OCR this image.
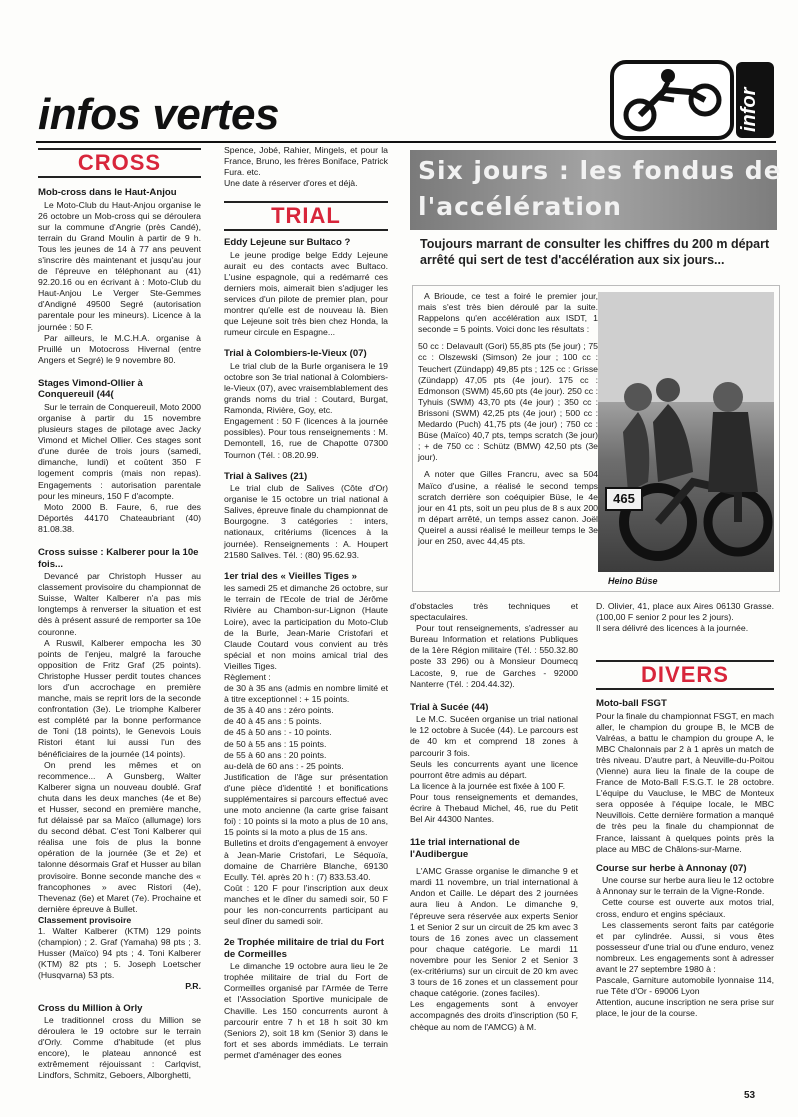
infos vertes	infor
CROSS
Mob-cross dans le Haut-Anjou

Le Moto-Club du Haut-Anjou organise le 26 octobre un Mob-cross qui se déroulera sur la commune d'Angrie (près Candé), terrain du Grand Moulin à partir de 9 h. Tous les jeunes de 14 à 77 ans peuvent s'inscrire dès maintenant et jusqu'au jour de l'épreuve en téléphonant au (41) 92.20.16 ou en écrivant à : Moto-Club du Haut-Anjou Le Verger Ste-Gemmes d'Andigné 49500 Segré (autorisation parentale pour les mineurs). Licence à la journée : 50 F.

Par ailleurs, le M.C.H.A. organise à Pruillé un Motocross Hivernal (entre Angers et Segré) le 9 novembre 80.

Stages Vimond-Ollier à Conquereuil (44(

Sur le terrain de Conquereuil, Moto 2000 organise à partir du 15 novembre plusieurs stages de pilotage avec Jacky Vimond et Michel Ollier. Ces stages sont d'une durée de trois jours (samedi, dimanche, lundi) et coûtent 350 F logement compris (mais non repas). Engagements : autorisation parentale pour les mineurs, 150 F d'acompte.

Moto 2000 B. Faure, 6, rue des Déportés 44170 Chateaubriant (40) 81.08.38.

Cross suisse : Kalberer pour la 10e fois...

Devancé par Christoph Husser au classement provisoire du championnat de Suisse, Walter Kalberer n'a pas mis longtemps à renverser la situation et est dès à présent assuré de remporter sa 10e couronne.

A Ruswil, Kalberer empocha les 30 points de l'enjeu, malgré la farouche opposition de Fritz Graf (25 points). Christophe Husser perdit toutes chances lors d'un accrochage en première manche, mais se reprit lors de la seconde confrontation (3e). Le triomphe Kalberer est complété par la bonne performance de Toni (18 points), le Genevois Louis Ristori étant lui aussi l'un des bénéficiaires de la journée (14 points).

On prend les mêmes et on recommence... A Gunsberg, Walter Kalberer signa un nouveau doublé. Graf chuta dans les deux manches (4e et 8e) et Husser, second en première manche, fut délaissé par sa Maïco (allumage) lors du second débat. C'est Toni Kalberer qui réalisa une fois de plus la bonne opération de la journée (3e et 2e) et talonne désormais Graf et Husser au bilan provisoire. Bonne seconde manche des « francophones » avec Ristori (4e), Thevenaz (6e) et Maret (7e). Prochaine et dernière épreuve à Bullet.

Classement provisoire

1. Walter Kalberer (KTM) 129 points (champion) ; 2. Graf (Yamaha) 98 pts ; 3. Husser (Maïco) 94 pts ; 4. Toni Kalberer (KTM) 82 pts ; 5. Joseph Loetscher (Husqvarna) 53 pts.

P.R.

Cross du Million à Orly

Le traditionnel cross du Million se déroulera le 19 octobre sur le terrain d'Orly. Comme d'habitude (et plus encore), le plateau annoncé est extrêmement réjouissant : Carlqvist, Lindfors, Schmitz, Geboers, Alborghetti,

Spence, Jobé, Rahier, Mingels, et pour la France, Bruno, les frères Boniface, Patrick Fura. etc.

Une date à réserver d'ores et déjà.

TRIAL
Eddy Lejeune sur Bultaco ?

Le jeune prodige belge Eddy Lejeune aurait eu des contacts avec Bultaco. L'usine espagnole, qui a redémarré ces derniers mois, aimerait bien s'adjuger les services d'un pilote de premier plan, pour montrer qu'elle est de nouveau là. Bien que Lejeune soit très bien chez Honda, la rumeur circule en Espagne...

Trial à Colombiers-le-Vieux (07)

Le trial club de la Burle organisera le 19 octobre son 3e trial national à Colombiers-le-Vieux (07), avec vraisemblablement des grands noms du trial : Coutard, Burgat, Ramonda, Rivière, Goy, etc.

Engagement : 50 F (licences à la journée possibles). Pour tous renseignements : M. Demontell, 16, rue de Chapotte 07300 Tournon (Tél. : 08.20.99.

Trial à Salives (21)

Le trial club de Salives (Côte d'Or) organise le 15 octobre un trial national à Salives, épreuve finale du championnat de Bourgogne. 3 catégories : inters, nationaux, critériums (licences à la journée). Renseignements : A. Houpert 21580 Salives. Tél. : (80) 95.62.93.

1er trial des « Vieilles Tiges »

les samedi 25 et dimanche 26 octobre, sur le terrain de l'Ecole de trial de Jérôme Rivière au Chambon-sur-Lignon (Haute Loire), avec la participation du Moto-Club de la Burle, Jean-Marie Cristofari et Claude Coutard vous convient au très spécial et non moins amical trial des Vieilles Tiges.

Règlement :

de 30 à 35 ans (admis en nombre limité et à titre exceptionnel : + 15 points.

de 35 à 40 ans : zéro points.

de 40 à 45 ans : 5 points.

de 45 à 50 ans : - 10 points.

de 50 à 55 ans : 15 points.

de 55 à 60 ans : 20 points.

au-delà de 60 ans : - 25 points.

Justification de l'âge sur présentation d'une pièce d'identité ! et bonifications supplémentaires si parcours effectué avec une moto ancienne (la carte grise faisant foi) : 10 points si la moto a plus de 10 ans, 15 points si la moto a plus de 15 ans.

Bulletins et droits d'engagement à envoyer à Jean-Marie Cristofari, Le Séquoïa, domaine de Charrière Blanche, 69130 Ecully. Tél. après 20 h : (7) 833.53.40.

Coût : 120 F pour l'inscription aux deux manches et le dîner du samedi soir, 50 F pour les non-concurrents participant au seul dîner du samedi soir.

2e Trophée militaire de trial du Fort de Cormeilles

Le dimanche 19 octobre aura lieu le 2e trophée militaire de trial du Fort de Cormeilles organisé par l'Armée de Terre et l'Association Sportive municipale de Chaville. Les 150 concurrents auront à parcourir entre 7 h et 18 h soit 30 km (Seniors 2), soit 18 km (Senior 3) dans le fort et ses abords immédiats. Le terrain permet d'aménager des eones

Six jours : les fondus de
l'accélération
Toujours marrant de consulter les chiffres du 200 m départ arrêté qui sert de test d'accélération aux six jours...

A Brioude, ce test a foiré le premier jour, mais s'est très bien déroulé par la suite. Rappelons qu'en accélération aux ISDT, 1 seconde = 5 points. Voici donc les résultats :

50 cc : Delavault (Gori) 55,85 pts (5e jour) ; 75 cc : Olszewski (Simson) 2e jour ; 100 cc : Teuchert (Zündapp) 49,85 pts ; 125 cc : Grisse (Zündapp) 47,05 pts (4e jour). 175 cc : Edmonson (SWM) 45,60 pts (4e jour). 250 cc : Tyhuis (SWM) 43,70 pts (4e jour) ; 350 cc : Brissoni (SWM) 42,25 pts (4e jour) ; 500 cc : Medardo (Puch) 41,75 pts (4e jour) ; 750 cc : Büse (Maïco) 40,7 pts, temps scratch (3e jour) ; + de 750 cc : Schütz (BMW) 42,50 pts (3e jour).

A noter que Gilles Francru, avec sa 504 Maïco d'usine, a réalisé le second temps scratch derrière son coéquipier Büse, le 4e jour en 41 pts, soit un peu plus de 8 s aux 200 m départ arrêté, un temps assez canon. Joël Queirel a aussi réalisé le meilleur temps le 3e jour en 250, avec 44,45 pts.

465
Heino Büse

d'obstacles très techniques et spectaculaires.

Pour tout renseignements, s'adresser au Bureau Information et relations Publiques de la 1ère Région militaire (Tél. : 550.32.80 poste 33 296) ou à Monsieur Doumecq Lacoste, 9, rue de Garches - 92000 Nanterre (Tél. : 204.44.32).

Trial à Sucée (44)

Le M.C. Sucéen organise un trial national le 12 octobre à Sucée (44). Le parcours est de 40 km et comprend 18 zones à parcourir 3 fois.

Seuls les concurrents ayant une licence pourront être admis au départ.

La licence à la journée est fixée à 100 F.

Pour tous renseignements et demandes, écrire à Thebaud Michel, 46, rue du Petit Bel Air 44300 Nantes.

11e trial international de l'Audibergue

L'AMC Grasse organise le dimanche 9 et mardi 11 novembre, un trial international à Andon et Caille. Le départ des 2 journées aura lieu à Andon. Le dimanche 9, l'épreuve sera réservée aux experts Senior 1 et Senior 2 sur un circuit de 25 km avec 3 tours de 16 zones avec un classement pour chaque catégorie. Le mardi 11 novembre pour les Senior 2 et Senior 3 (ex-critériums) sur un circuit de 20 km avec 3 tours de 16 zones et un classement pour chaque catégorie. (zones faciles).

Les engagements sont à envoyer accompagnés des droits d'inscription (50 F, chèque au nom de l'AMCG) à M.

D. Olivier, 41, place aux Aires 06130 Grasse. (100,00 F senior 2 pour les 2 jours).

Il sera délivré des licences à la journée.

DIVERS
Moto-ball FSGT

Pour la finale du championnat FSGT, en mach aller, le champion du groupe B, le MCB de Valréas, a battu le champion du groupe A, le MBC Chalonnais par 2 à 1 après un match de très niveau. D'autre part, à Neuville-du-Poitou (Vienne) aura lieu la finale de la coupe de France de Moto-Ball F.S.G.T. le 28 octobre. L'équipe du Vaucluse, le MBC de Monteux sera opposée à l'équipe locale, le MBC Neuvillois. Cette dernière formation a manqué de très peu la finale du championnat de France, laissant à quelques points près la place au MBC de Châlons-sur-Marne.

Course sur herbe à Annonay (07)

Une course sur herbe aura lieu le 12 octobre à Annonay sur le terrain de la Vigne-Ronde.

Cette course est ouverte aux motos trial, cross, enduro et engins spéciaux.

Les classements seront faits par catégorie et par cylindrée. Aussi, si vous êtes possesseur d'une trial ou d'une enduro, venez nombreux. Les engagements sont à adresser avant le 27 septembre 1980 à :

Pascale, Garniture automobile lyonnaise 114, rue Tête d'Or - 69006 Lyon

Attention, aucune inscription ne sera prise sur place, le jour de la course.

53
